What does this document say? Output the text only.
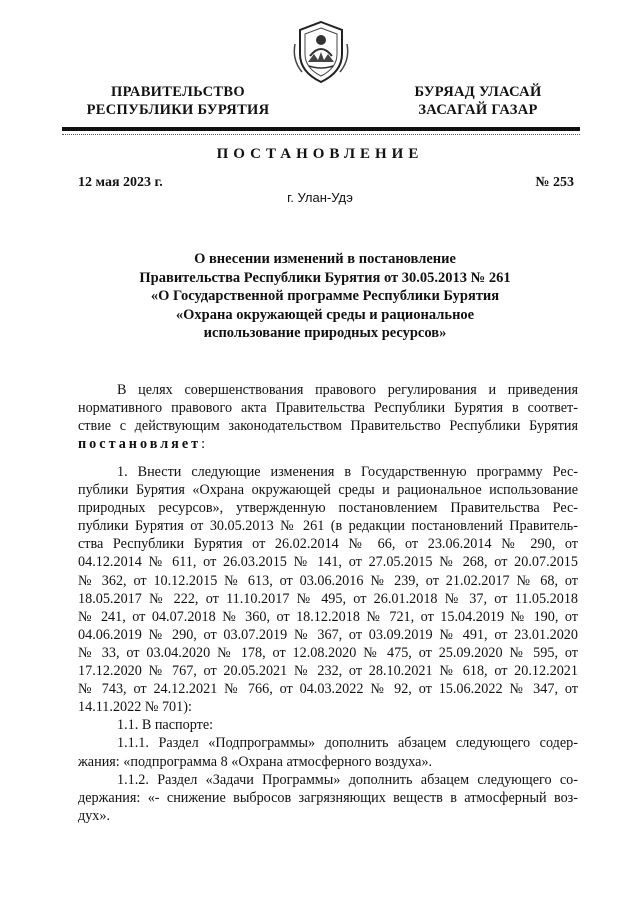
ПРАВИТЕЛЬСТВО
РЕСПУБЛИКИ БУРЯТИЯ
БУРЯАД УЛАСАЙ
ЗАСАГАЙ ГАЗАР
ПОСТАНОВЛЕНИЕ
12 мая 2023 г.	№ 253
г. Улан-Удэ
О внесении изменений в постановление
Правительства Республики Бурятия от 30.05.2013 № 261
«О Государственной программе Республики Бурятия
«Охрана окружающей среды и рациональное
использование природных ресурсов»
В целях совершенствования правового регулирования и приведения
нормативного правового акта Правительства Республики Бурятия в соответ-
ствие с действующим законодательством Правительство Республики Бурятия
постановляет:
1. Внести следующие изменения в Государственную программу Рес-
публики Бурятия «Охрана окружающей среды и рациональное использование
природных ресурсов», утвержденную постановлением Правительства Рес-
публики Бурятия от 30.05.2013 № 261 (в редакции постановлений Правитель-
ства Республики Бурятия от 26.02.2014 № 66, от 23.06.2014 № 290, от
04.12.2014 № 611, от 26.03.2015 № 141, от 27.05.2015 № 268, от 20.07.2015
№ 362, от 10.12.2015 № 613, от 03.06.2016 № 239, от 21.02.2017 № 68, от
18.05.2017 № 222, от 11.10.2017 № 495, от 26.01.2018 № 37, от 11.05.2018
№ 241, от 04.07.2018 № 360, от 18.12.2018 № 721, от 15.04.2019 № 190, от
04.06.2019 № 290, от 03.07.2019 № 367, от 03.09.2019 № 491, от 23.01.2020
№ 33, от 03.04.2020 № 178, от 12.08.2020 № 475, от 25.09.2020 № 595, от
17.12.2020 № 767, от 20.05.2021 № 232, от 28.10.2021 № 618, от 20.12.2021
№ 743, от 24.12.2021 № 766, от 04.03.2022 № 92, от 15.06.2022 № 347, от
14.11.2022 № 701):
1.1. В паспорте:
1.1.1. Раздел «Подпрограммы» дополнить абзацем следующего содер-
жания: «подпрограмма 8 «Охрана атмосферного воздуха».
1.1.2. Раздел «Задачи Программы» дополнить абзацем следующего со-
держания: «- снижение выбросов загрязняющих веществ в атмосферный воз-
дух».
